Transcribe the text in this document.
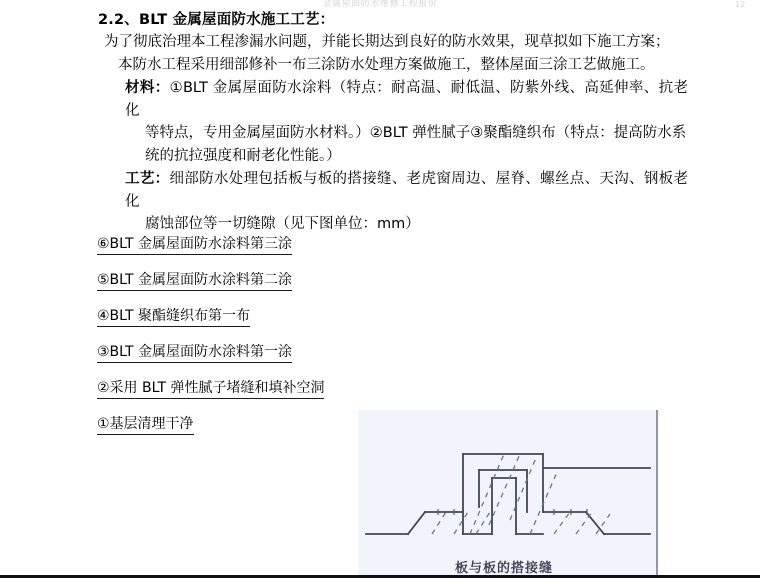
金属屋面防水维修工程报价	12

2.2、BLT 金属屋面防水施工工艺：

为了彻底治理本工程渗漏水问题，并能长期达到良好的防水效果，现草拟如下施工方案；
本防水工程采用细部修补一布三涂防水处理方案做施工，整体屋面三涂工艺做施工。

材料：①BLT 金属屋面防水涂料（特点：耐高温、耐低温、防紫外线、高延伸率、抗老化
等特点，专用金属屋面防水材料。）②BLT 弹性腻子③聚酯缝织布（特点：提高防水系
统的抗拉强度和耐老化性能。）

工艺：细部防水处理包括板与板的搭接缝、老虎窗周边、屋脊、螺丝点、天沟、钢板老化
腐蚀部位等一切缝隙（见下图单位：mm）

⑥BLT 金属屋面防水涂料第三涂
⑤BLT 金属屋面防水涂料第二涂
④BLT 聚酯缝织布第一布
③BLT 金属屋面防水涂料第一涂
②采用 BLT 弹性腻子堵缝和填补空洞
①基层清理干净
板与板的搭接缝
